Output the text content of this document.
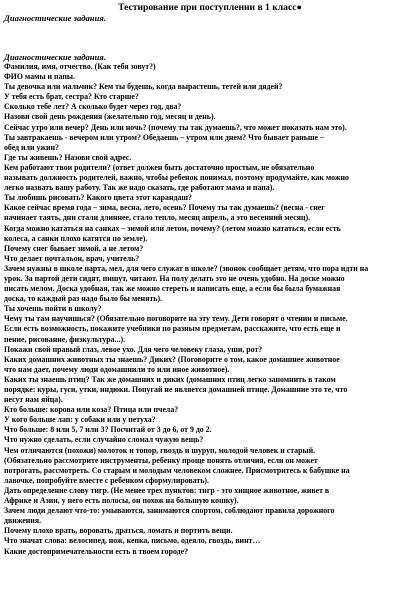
Тестирование при поступлении в 1 класс●

Диагностические задания.

Диагностические задания.

Фамилия, имя, отчество. (Как тебя зовут?)

ФИО мамы и папы.

Ты девочка или мальчик? Кем ты будешь, когда вырастешь, тетей или дядей?

У тебя есть брат, сестра? Кто старше?

Сколько тебе лет? А сколько будет через год, два?

Назови свой день рождения (желательно год, месяц и день).

Сейчас утро или вечер? День или ночь? (почему ты так думаешь?, что может показать нам это).

Ты завтракаешь - вечером или утром? Обедаешь – утром или днем? Что бывает раньше –

обед или ужин?

Где ты живешь? Назови свой адрес.

Кем работают твои родители? (ответ должен быть достаточно простым, не обязательно

называть должность родителей, важно, чтобы ребенок понимал, поэтому продумайте, как можно

легко назвать вашу работу. Так же надо сказать, где работают мама и папа).

Ты любишь рисовать? Какого цвета этот карандаш?

Какое сейчас время года – зима, весна, лето, осень? Почему ты так думаешь? (весна - снег

начинает таять, дни стали длиннее, стало тепло, месяц апрель, а это весенний месяц).

Когда можно кататься на санках – зимой или летом, почему? (летом можно кататься, если есть

колеса, а санки плохо катятся по земле).

Почему снег бывает зимой, а не летом?

Что делает почтальон, врач, учитель?

Зачем нужны в школе парта, мел, для чего служат в школе? (звонок сообщает детям, что пора идти на

урок. За партой дети сидят, пишут, читают. На полу делать это не очень удобно. На доске можно

писать мелом. Доска удобная, так же можно стереть и написать еще, а если бы была бумажная

доска, то каждый раз надо было бы менять).

Ты хочешь пойти в школу?

Чему ты там научишься? (Обязательно поговорите на эту тему. Дети говорят о чтении и письме.

Если есть возможность, покажите учебники по разным предметам, расскажите, что есть еще и

пение, рисование, физкультура...).

Покажи свой правый глаз, левое ухо. Для чего человеку глаза, уши, рот?

Каких домашних животных ты знаешь? Диких? (Поговорите о том, какое домашнее животное

что нам дает, почему люди одомашнили то или иное животное).

Каких ты знаешь птиц? Так же домашних и диких (домашних птиц легко запомнить в таком

порядке: куры, гуси, утки, индюки. Попугай не является домашней птице. Домашние это те, что

несут нам яйца).

Кто больше: корова или коза? Птица или пчела?

У кого больше лап: у собаки или у петуха?

Что больше: 8 или 5, 7 или 3? Посчитай от 3 до 6, от 9 до 2.

Что нужно сделать, если случайно сломал чужую вещь?

Чем отличаются (похожи) молоток и топор, гвоздь и шуруп, молодой человек и старый.

(Обязательно рассмотрите инструменты, ребенку проще понять отличия, если он может

потрогать, рассмотреть. Со старым и молодым человеком сложнее. Присмотритесь к бабушке на

лавочке, попробуйте вместе с ребенком сформулировать).

Дать определение слову тигр. (Не менее трех пунктов: тигр - это хищное животное, живет в

Африке и Азии, у него есть полосы, он похож на большую кошку).

Зачем люди делают что-то: умываются, занимаются спортом, соблюдают правила дорожного

движения.

Почему плохо врать, воровать, драться, ломать и портить вещи.

Что значат слова: велосипед, нож, кепка, письмо, одеяло, гвоздь, винт…

Какие достопримечательности есть в твоем городе?
